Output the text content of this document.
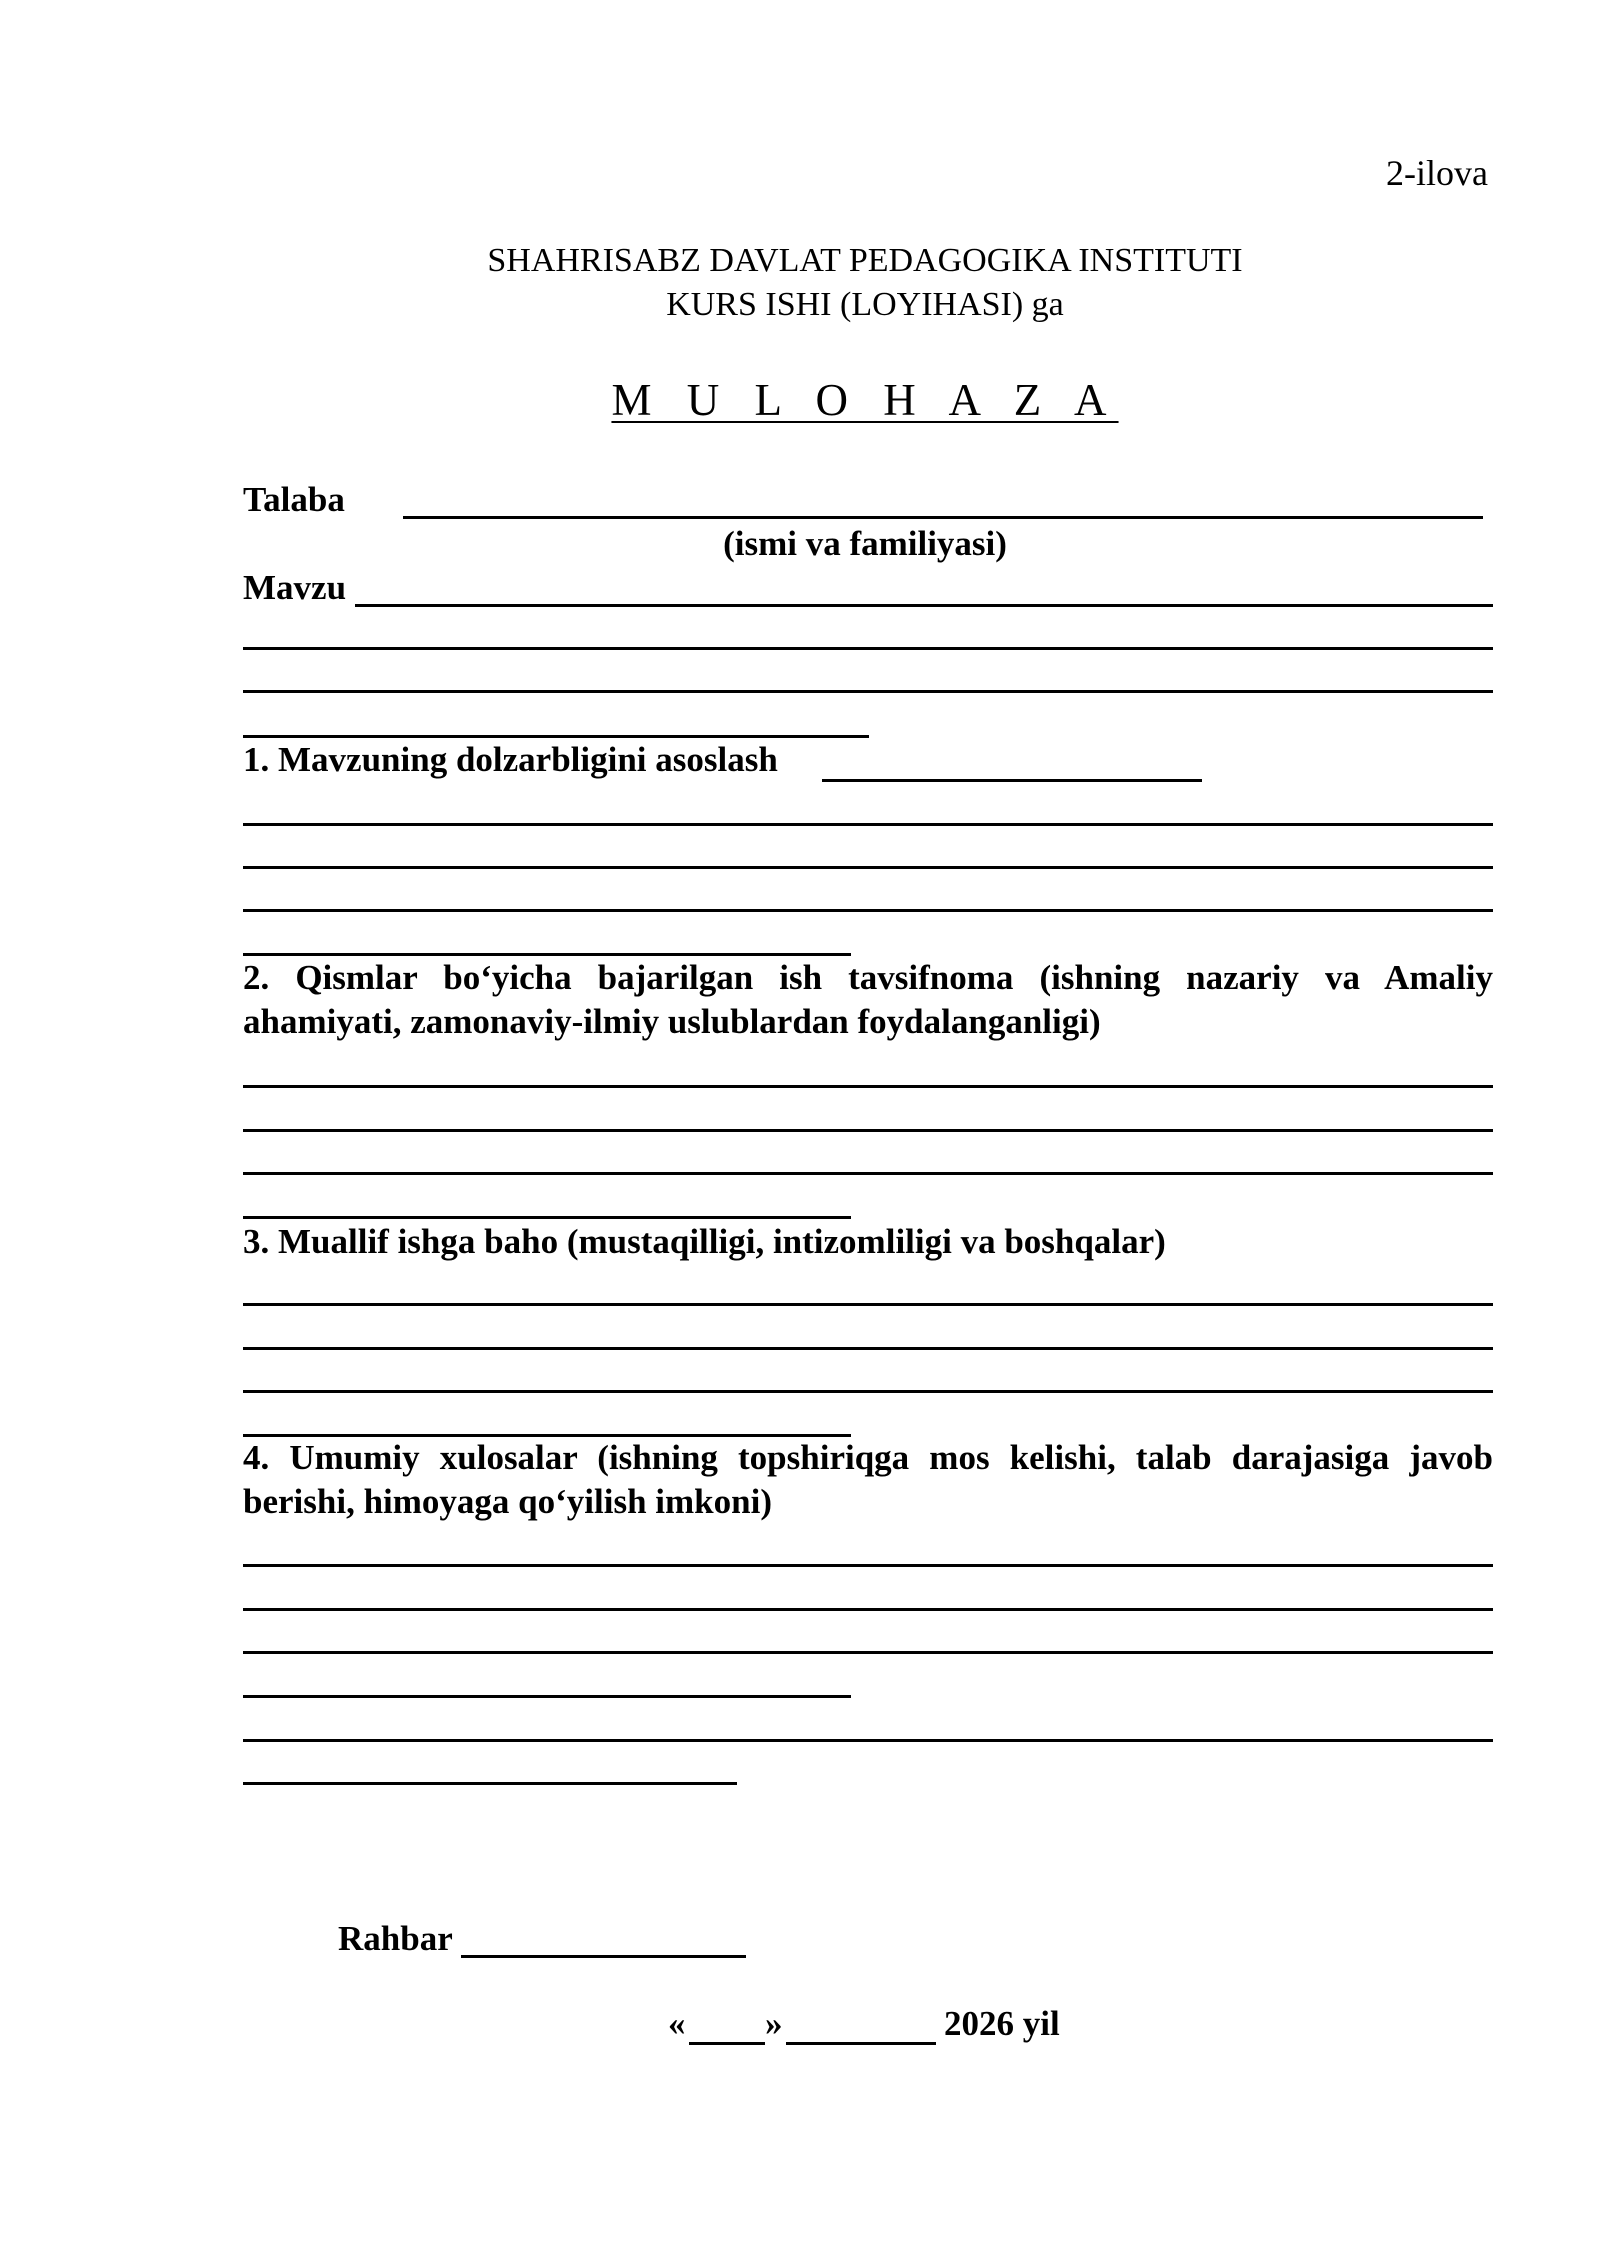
2-ilova
SHAHRISABZ DAVLAT PEDAGOGIKA INSTITUTI
KURS ISHI (LOYIHASI) ga
M U L O H A Z A
Talaba
(ismi va familiyasi)
Mavzu
1. Mavzuning dolzarbligini asoslash
2. Qismlar bo‘yicha bajarilgan ish tavsifnoma (ishning nazariy va Amaliy ahamiyati, zamonaviy-ilmiy uslublardan foydalanganligi)
3. Muallif ishga baho (mustaqilligi, intizomliligi va boshqalar)
4. Umumiy xulosalar (ishning topshiriqga mos kelishi, talab darajasiga javob berishi, himoyaga qo‘yilish imkoni)
Rahbar
« »	2026 yil
